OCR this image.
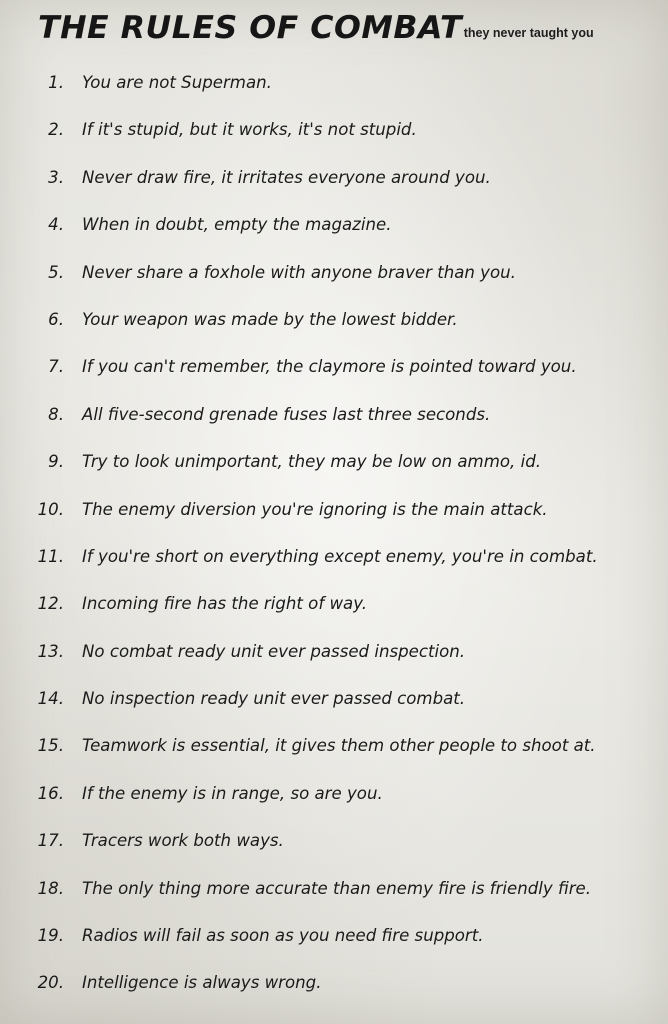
THE RULES OF COMBAT they never taught you
1. You are not Superman.
2. If it's stupid, but it works, it's not stupid.
3. Never draw fire, it irritates everyone around you.
4. When in doubt, empty the magazine.
5. Never share a foxhole with anyone braver than you.
6. Your weapon was made by the lowest bidder.
7. If you can't remember, the claymore is pointed toward you.
8. All five-second grenade fuses last three seconds.
9. Try to look unimportant, they may be low on ammo, id.
10. The enemy diversion you're ignoring is the main attack.
11. If you're short on everything except enemy, you're in combat.
12. Incoming fire has the right of way.
13. No combat ready unit ever passed inspection.
14. No inspection ready unit ever passed combat.
15. Teamwork is essential, it gives them other people to shoot at.
16. If the enemy is in range, so are you.
17. Tracers work both ways.
18. The only thing more accurate than enemy fire is friendly fire.
19. Radios will fail as soon as you need fire support.
20. Intelligence is always wrong.
